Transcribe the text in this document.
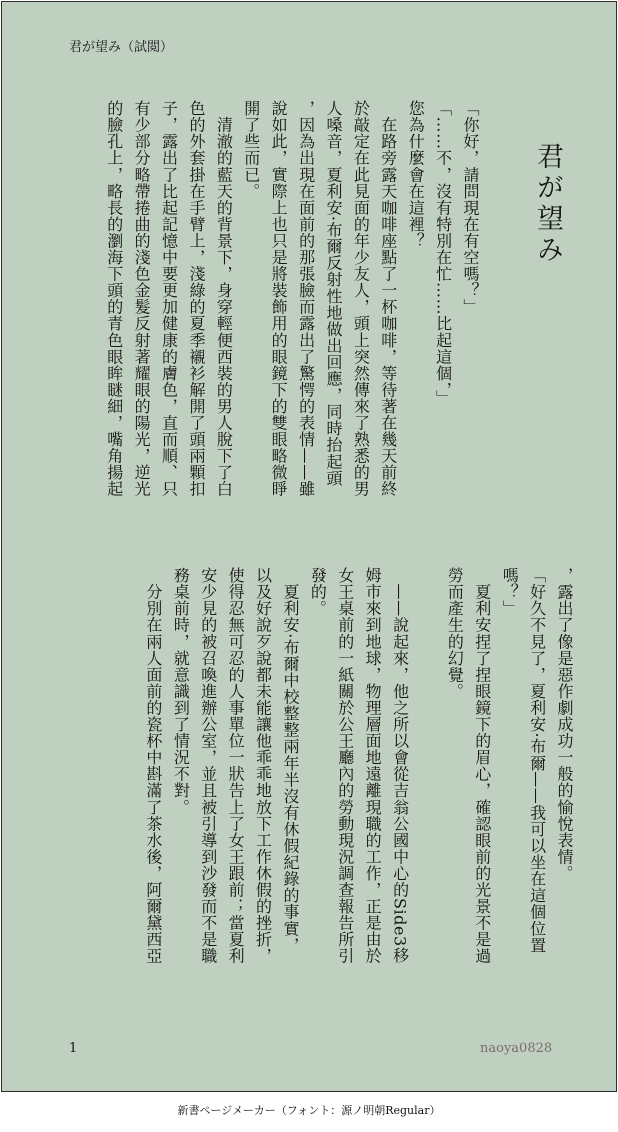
君が望み（試閲）
君が望み
「你好，請問現在有空嗎？」
「……不，沒有特別在忙……比起這個，」
您為什麼會在這裡？
　在路旁露天咖啡座點了一杯咖啡，等待著在幾天前終
於敲定在此見面的年少友人，頭上突然傳來了熟悉的男
人嗓音，夏利安·布爾反射性地做出回應，同時抬起頭
，因為出現在面前的那張臉而露出了驚愕的表情——雖
說如此，實際上也只是將裝飾用的眼鏡下的雙眼略微睜
開了些而已。
　清澈的藍天的背景下，身穿輕便西裝的男人脫下了白
色的外套掛在手臂上，淺綠的夏季襯衫解開了頭兩顆扣
子，露出了比起記憶中要更加健康的膚色，直而順、只
有少部分略帶捲曲的淺色金髮反射著耀眼的陽光，逆光
的臉孔上，略長的瀏海下頭的青色眼眸瞇細，嘴角揚起

，露出了像是惡作劇成功一般的愉悅表情。
「好久不見了，夏利安·布爾——我可以坐在這個位置
嗎？」
　夏利安捏了捏眼鏡下的眉心，確認眼前的光景不是過
勞而產生的幻覺。

　——說起來，他之所以會從吉翁公國中心的Side3移
姆市來到地球，物理層面地遠離現職的工作，正是由於
女王桌前的一紙關於公王廳內的勞動現況調查報告所引
發的。
　夏利安·布爾中校整整兩年半沒有休假紀錄的事實，
以及好說歹說都未能讓他乖乖地放下工作休假的挫折，
使得忍無可忍的人事單位一狀告上了女王跟前；當夏利
安少見的被召喚進辦公室，並且被引導到沙發而不是職
務桌前時，就意識到了情況不對。
　分別在兩人面前的瓷杯中斟滿了茶水後，阿爾黛西亞

1	naoya0828
新書ページメーカー（フォント：源ノ明朝Regular）
